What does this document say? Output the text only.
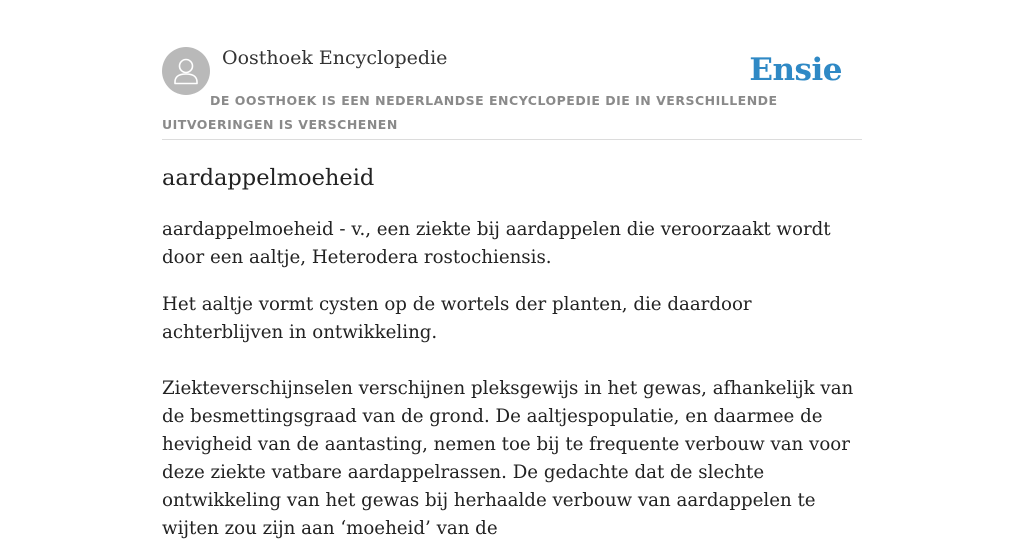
Oosthoek Encyclopedie	Ensie
DE OOSTHOEK IS EEN NEDERLANDSE ENCYCLOPEDIE DIE IN VERSCHILLENDE UITVOERINGEN IS VERSCHENEN
aardappelmoeheid

aardappelmoeheid - v., een ziekte bij aardappelen die veroorzaakt wordt door een aaltje, Heterodera rostochiensis.

Het aaltje vormt cysten op de wortels der planten, die daardoor achterblijven in ontwikkeling.

Ziekteverschijnselen verschijnen pleksgewijs in het gewas, afhankelijk van de besmettingsgraad van de grond. De aaltjespopulatie, en daarmee de hevigheid van de aantasting, nemen toe bij te frequente verbouw van voor deze ziekte vatbare aardappelrassen. De gedachte dat de slechte ontwikkeling van het gewas bij herhaalde verbouw van aardappelen te wijten zou zijn aan ‘moeheid’ van de
